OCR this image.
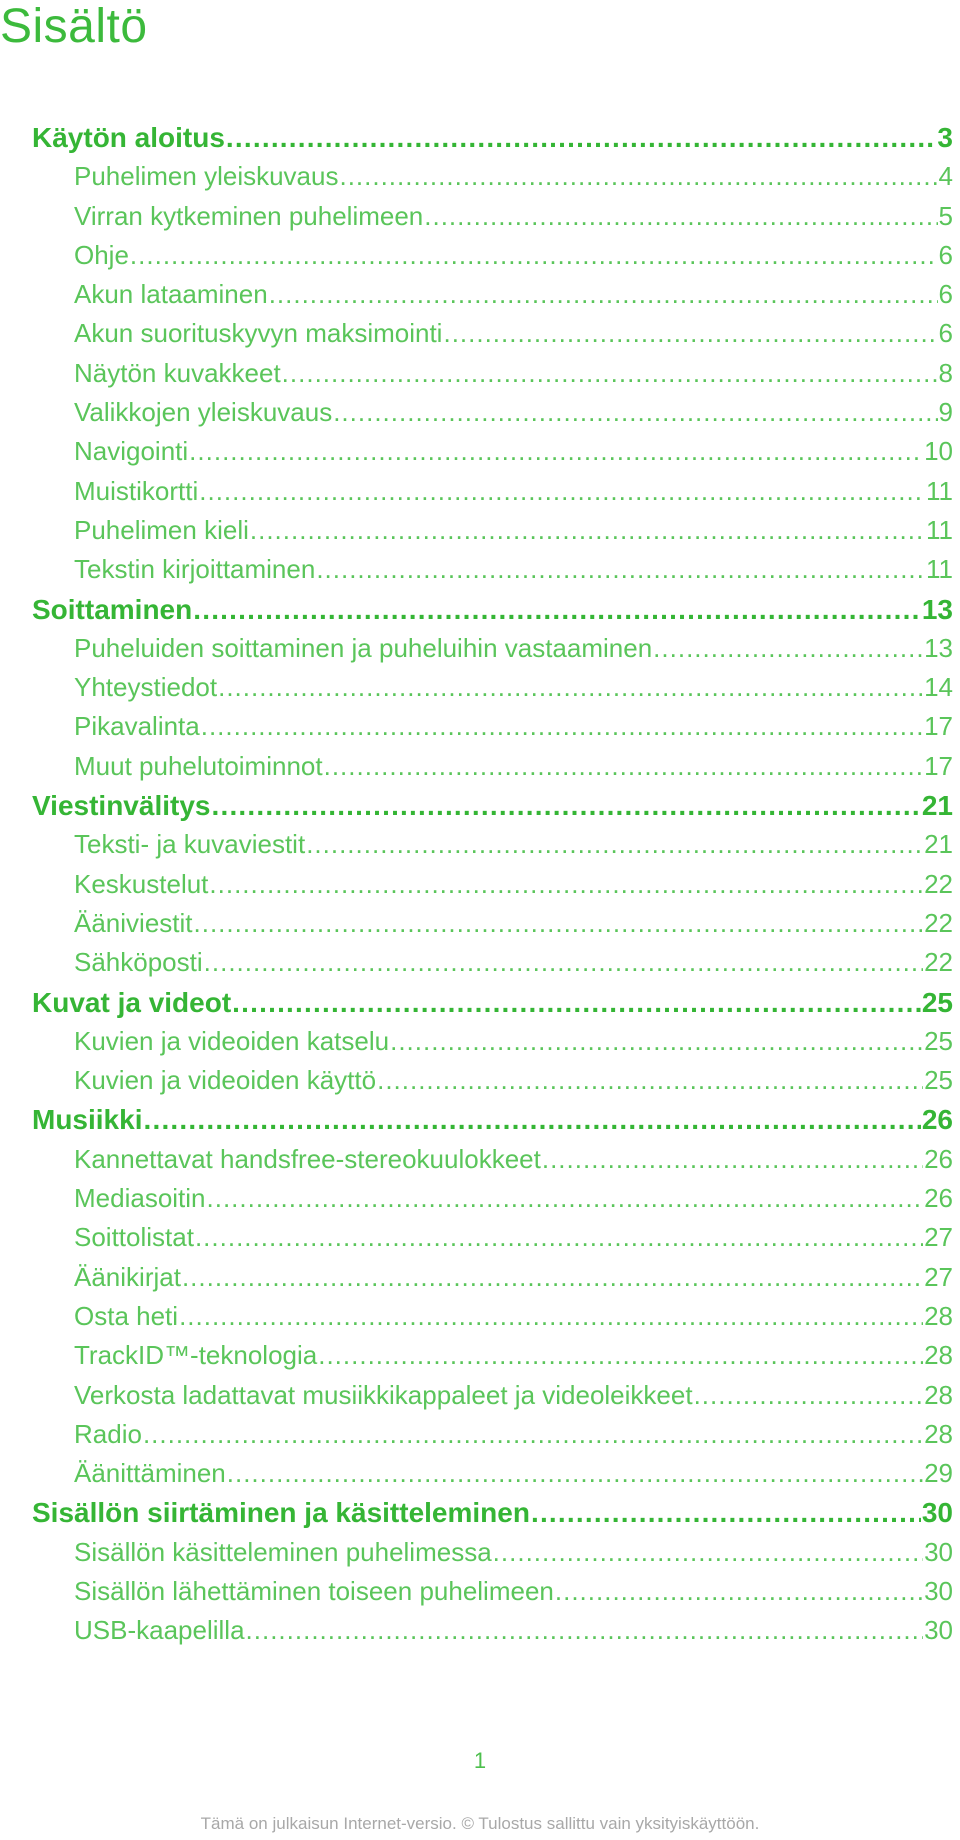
Sisältö
Käytön aloitus .....	3
Puhelimen yleiskuvaus .....	4
Virran kytkeminen puhelimeen .....	5
Ohje .....	6
Akun lataaminen .....	6
Akun suorituskyvyn maksimointi .....	6
Näytön kuvakkeet .....	8
Valikkojen yleiskuvaus .....	9
Navigointi .....	10
Muistikortti .....	11
Puhelimen kieli .....	11
Tekstin kirjoittaminen .....	11
Soittaminen .....	13
Puheluiden soittaminen ja puheluihin vastaaminen .....	13
Yhteystiedot .....	14
Pikavalinta .....	17
Muut puhelutoiminnot .....	17
Viestinvälitys .....	21
Teksti- ja kuvaviestit .....	21
Keskustelut .....	22
Ääniviestit .....	22
Sähköposti .....	22
Kuvat ja videot .....	25
Kuvien ja videoiden katselu .....	25
Kuvien ja videoiden käyttö .....	25
Musiikki .....	26
Kannettavat handsfree-stereokuulokkeet .....	26
Mediasoitin .....	26
Soittolistat .....	27
Äänikirjat .....	27
Osta heti .....	28
TrackID™-teknologia .....	28
Verkosta ladattavat musiikkikappaleet ja videoleikkeet .....	28
Radio .....	28
Äänittäminen .....	29
Sisällön siirtäminen ja käsitteleminen .....	30
Sisällön käsitteleminen puhelimessa .....	30
Sisällön lähettäminen toiseen puhelimeen .....	30
USB-kaapelilla .....	30
1
Tämä on julkaisun Internet-versio. © Tulostus sallittu vain yksityiskäyttöön.
